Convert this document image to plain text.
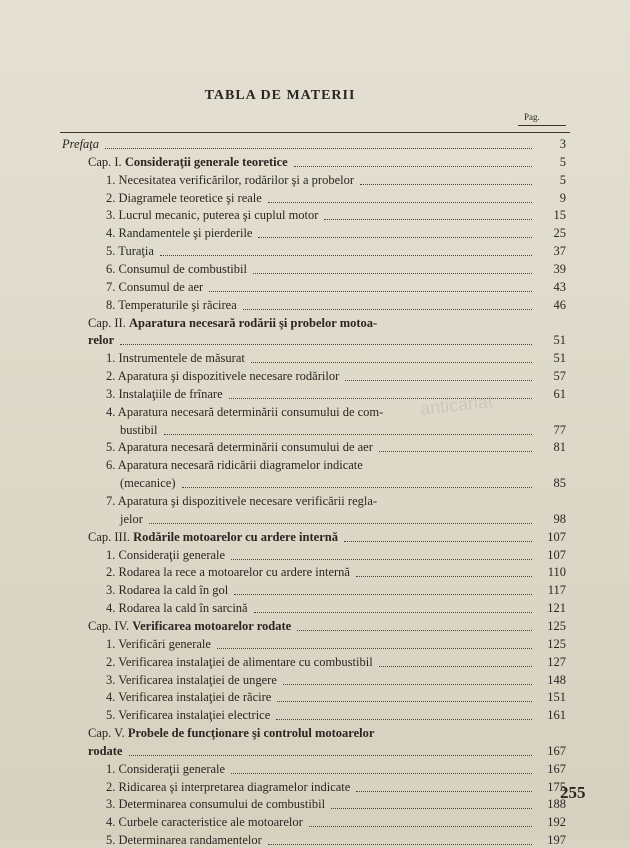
TABLA DE MATERII
Pag.
Prefaţa	3
Cap. I. Consideraţii generale teoretice	5
1. Necesitatea verificărilor, rodărilor şi a probelor	5
2. Diagramele teoretice şi reale	9
3. Lucrul mecanic, puterea şi cuplul motor	15
4. Randamentele şi pierderile	25
5. Turaţia	37
6. Consumul de combustibil	39
7. Consumul de aer	43
8. Temperaturile şi răcirea	46
Cap. II. Aparatura necesară rodării şi probelor motoa-
relor	51
1. Instrumentele de măsurat	51
2. Aparatura şi dispozitivele necesare rodărilor	57
3. Instalaţiile de frînare	61
4. Aparatura necesară determinării consumului de com-
bustibil	77
5. Aparatura necesară determinării consumului de aer	81
6. Aparatura necesară ridicării diagramelor indicate
(mecanice)	85
7. Aparatura şi dispozitivele necesare verificării regla-
jelor	98
Cap. III. Rodările motoarelor cu ardere internă	107
1. Consideraţii generale	107
2. Rodarea la rece a motoarelor cu ardere internă	110
3. Rodarea la cald în gol	117
4. Rodarea la cald în sarcină	121
Cap. IV. Verificarea motoarelor rodate	125
1. Verificări generale	125
2. Verificarea instalaţiei de alimentare cu combustibil	127
3. Verificarea instalaţiei de ungere	148
4. Verificarea instalaţiei de răcire	151
5. Verificarea instalaţiei electrice	161
Cap. V. Probele de funcţionare şi controlul motoarelor
rodate	167
1. Consideraţii generale	167
2. Ridicarea şi interpretarea diagramelor indicate	175
3. Determinarea consumului de combustibil	188
4. Curbele caracteristice ale motoarelor	192
5. Determinarea randamentelor	197
anticariat
255
